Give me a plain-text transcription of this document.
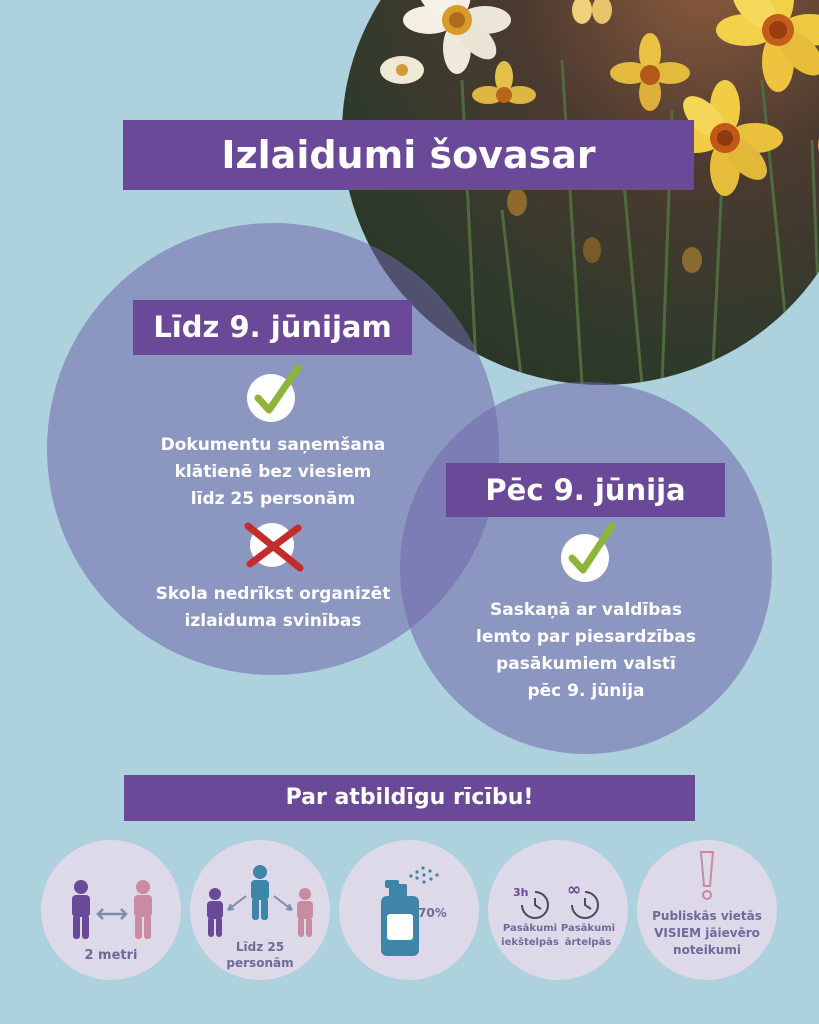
Izlaidumi šovasar
Līdz 9. jūnijam
Dokumentu saņemšana
klātienē bez viesiem
līdz 25 personām
Skola nedrīkst organizēt
izlaiduma svinības
Pēc 9. jūnija
Saskaņā ar valdības
lemto par piesardzības
pasākumiem valstī
pēc 9. jūnija
Par atbildīgu rīcību!
2 metri
Līdz 25
personām
70%
3h ∞
Pasākumi
iekštelpās
Pasākumi
ārtelpās
Publiskās vietās
VISIEM jāievēro
noteikumi
